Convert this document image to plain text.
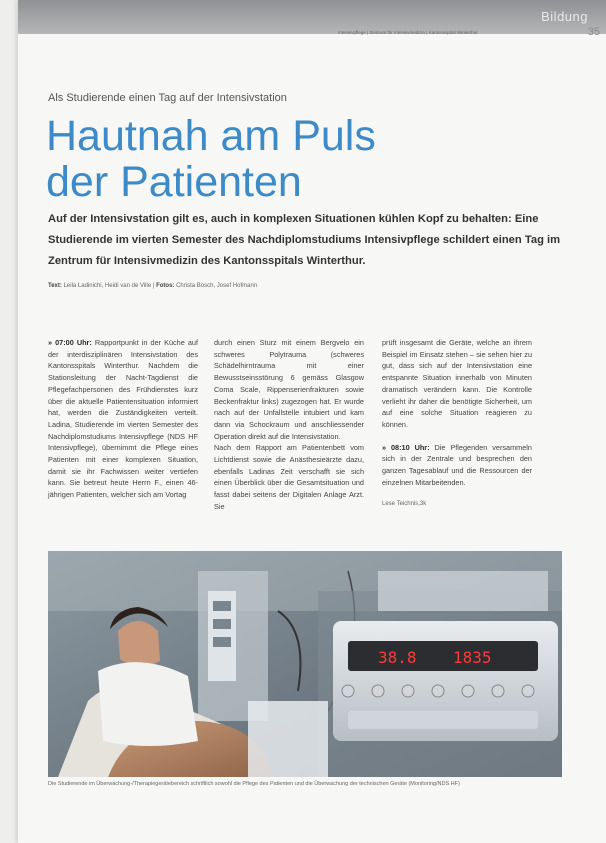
Bildung
Intensivpflege | Zentrum für Intensivmedizin | Kantonsspital Winterthur	35
Als Studierende einen Tag auf der Intensivstation
Hautnah am Puls
der Patienten

Auf der Intensivstation gilt es, auch in komplexen Situationen kühlen Kopf zu behalten: Eine Studierende im vierten Semester des Nachdiplomstudiums Intensivpflege schildert einen Tag im Zentrum für Intensivmedizin des Kantonsspitals Winterthur.

Text: Leila Ladinichi, Heidi van de Ville | Fotos: Christa Bosch, Josef Hofmann
» 07:00 Uhr: Rapportpunkt in der Küche auf der interdisziplinären Intensivstation des Kantonsspitals Winterthur. Nachdem die Stationsleitung der Nacht-Tagdienst die Pflegefachpersonen des Frühdienstes kurz über die aktuelle Patientensituation informiert hat, werden die Zuständigkeiten verteilt. Ladina, Studierende im vierten Semester des Nachdiplomstudiums Intensivpflege (NDS HF Intensivpflege), übernimmt die Pflege eines Patienten mit einer komplexen Situation, damit sie ihr Fachwissen weiter vertiefen kann. Sie betreut heute Herrn F., einen 46-jährigen Patienten, welcher sich am Vortag
durch einen Sturz mit einem Bergvelo ein schweres Polytrauma (schweres Schädelhirntrauma mit einer Bewusstseinsstörung 6 gemäss Glasgow Coma Scale, Rippenserienfrakturen sowie Beckenfraktur links) zugezogen hat. Er wurde nach auf der Unfallstelle intubiert und kam dann via Schockraum und anschliessender Operation direkt auf die Intensivstation.
Nach dem Rapport am Patientenbett vom Lichtdienst sowie die Anästhesieärzte dazu, ebenfalls Ladinas Zeit verschafft sie sich einen Überblick über die Gesamtsituation und fasst dabei seitens der Digitalen Anlage Arzt. Sie
prüft insgesamt die Geräte, welche an ihrem Beispiel im Einsatz stehen – sie sehen hier zu gut, dass sich auf der Intensivstation eine entspannte Situation innerhalb von Minuten dramatisch verändern kann. Die Kontrolle verlieht ihr daher die benötigte Sicherheit, um auf eine solche Situation reagieren zu können.
» 08:10 Uhr: Die Pflegenden versammeln sich in der Zentrale und besprechen den ganzen Tagesablauf und die Ressourcen der einzelnen Mitarbeitenden.
Lese Teichnis,3k
38.8 1835

Die Studierende im Überwachung-/Therapiegerätebereich schriftlich sowohl die Pflege des Patienten und die Überwachung der technischen Geräte (Monitoring/NDS HF)
